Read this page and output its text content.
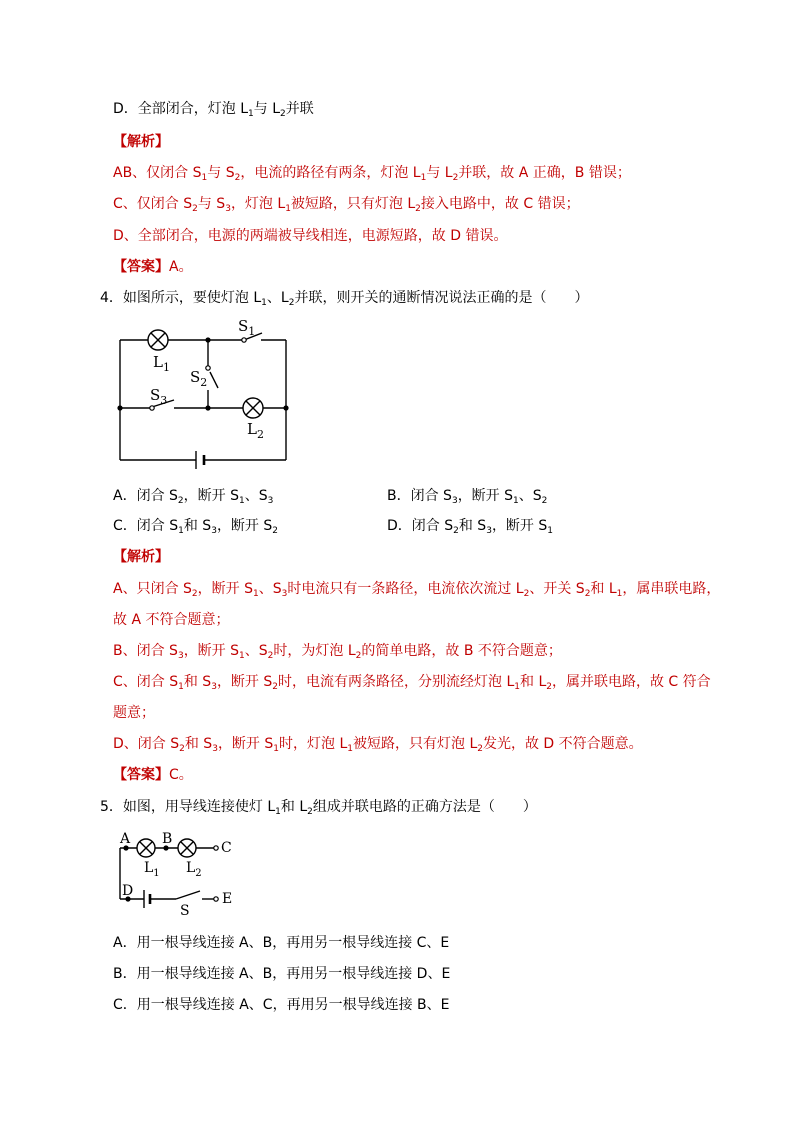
D．全部闭合，灯泡 $L_1$与 $L_2$并联
【解析】
AB、仅闭合 $S_1$与 $S_2$，电流的路径有两条，灯泡 $L_1$与 $L_2$并联，故 A 正确，B 错误；
C、仅闭合 $S_2$与 $S_3$，灯泡 $L_1$被短路，只有灯泡 $L_2$接入电路中，故 C 错误；
D、全部闭合，电源的两端被导线相连，电源短路，故 D 错误。
【答案】A。
4．如图所示，要使灯泡 $L_1$、$L_2$并联，则开关的通断情况说法正确的是（　　）
$S_1$
$L_1$
$S_2$
$S_3$
$L_2$
A．闭合 $S_2$，断开 $S_1$、$S_3$	B．闭合 $S_3$，断开 $S_1$、$S_2$
C．闭合 $S_1$和 $S_3$，断开 $S_2$	D．闭合 $S_2$和 $S_3$，断开 $S_1$
【解析】
A、只闭合 $S_2$，断开 $S_1$、$S_3$时电流只有一条路径，电流依次流过 $L_2$、开关 $S_2$和 $L_1$，属串联电路，
故 A 不符合题意；
B、闭合 $S_3$，断开 $S_1$、$S_2$时，为灯泡 $L_2$的简单电路，故 B 不符合题意；
C、闭合 $S_1$和 $S_3$，断开 $S_2$时，电流有两条路径，分别流经灯泡 $L_1$和 $L_2$，属并联电路，故 C 符合
题意；
D、闭合 $S_2$和 $S_3$，断开 $S_1$时，灯泡 $L_1$被短路，只有灯泡 $L_2$发光，故 D 不符合题意。
【答案】C。
5．如图，用导线连接使灯 $L_1$和 $L_2$组成并联电路的正确方法是（　　）
A B
C
D	E
S
$L_1$ $L_2$
A．用一根导线连接 A、B，再用另一根导线连接 C、E
B．用一根导线连接 A、B，再用另一根导线连接 D、E
C．用一根导线连接 A、C，再用另一根导线连接 B、E
